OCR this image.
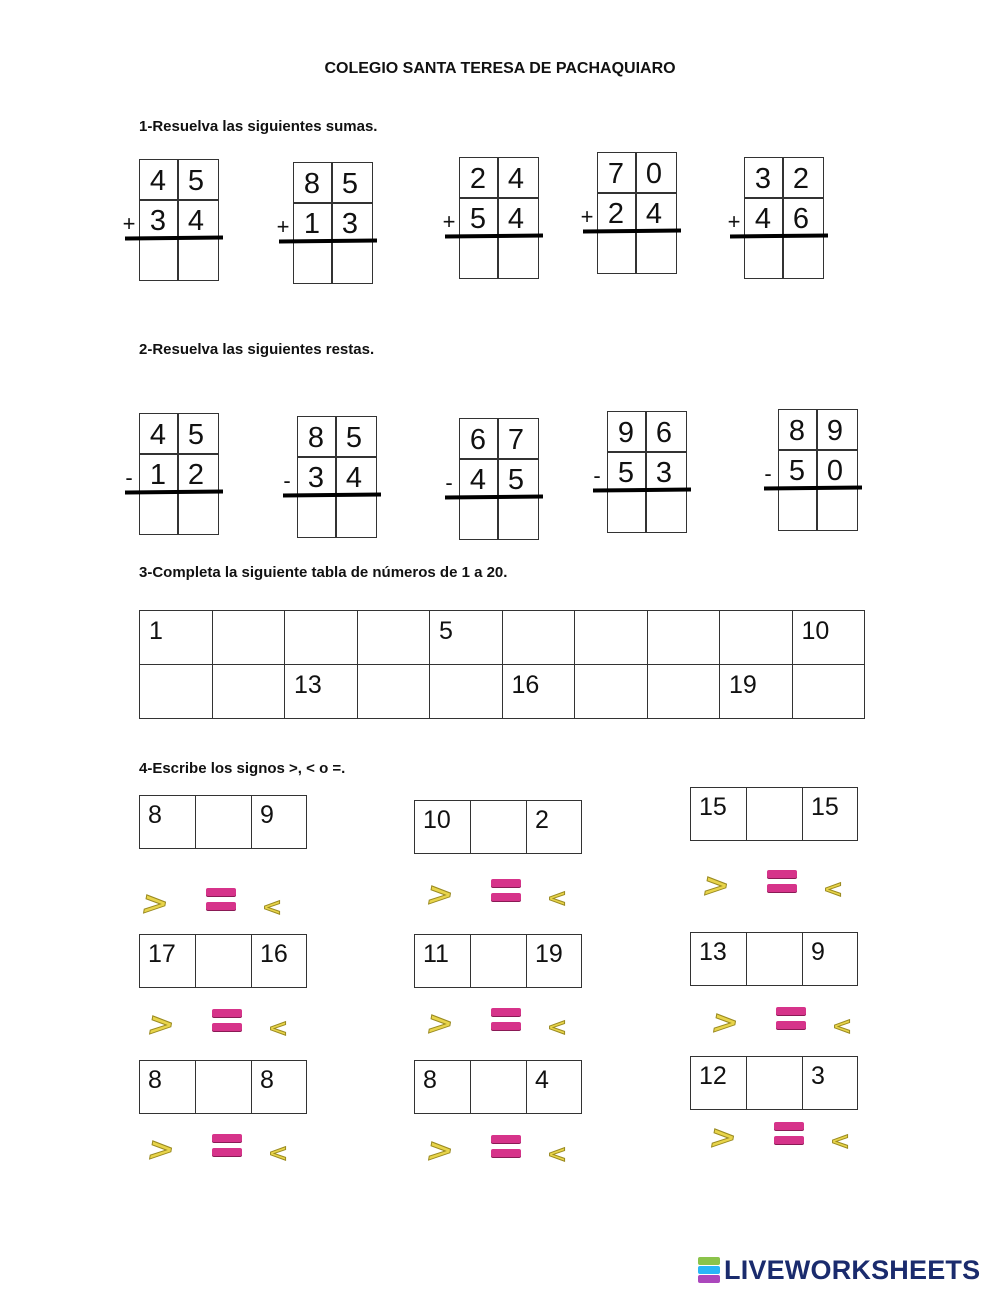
COLEGIO SANTA TERESA DE PACHAQUIARO
1-Resuelva las siguientes sumas.
+
4 5
3 4	+
8 5
1 3	+
2 4
5 4	+
7 0
2 4	+
3 2
4 6
2-Resuelva las siguientes restas.
-
4 5
1 2	-
8 5
3 4	-
6 7
4 5	-
9 6
5 3	-
8 9
5 0
3-Completa la siguiente tabla de números de 1 a 20.
1				5					10
		13			16			19	
4-Escribe los signos >, < o =.
8	9
>	<
10	2
>	<
15	15
>	<
17	16
>	<
11	19
>	<
13	9
>	<
8	8
>	<
8	4
>	<
12	3
>	<
LIVEWORKSHEETS
